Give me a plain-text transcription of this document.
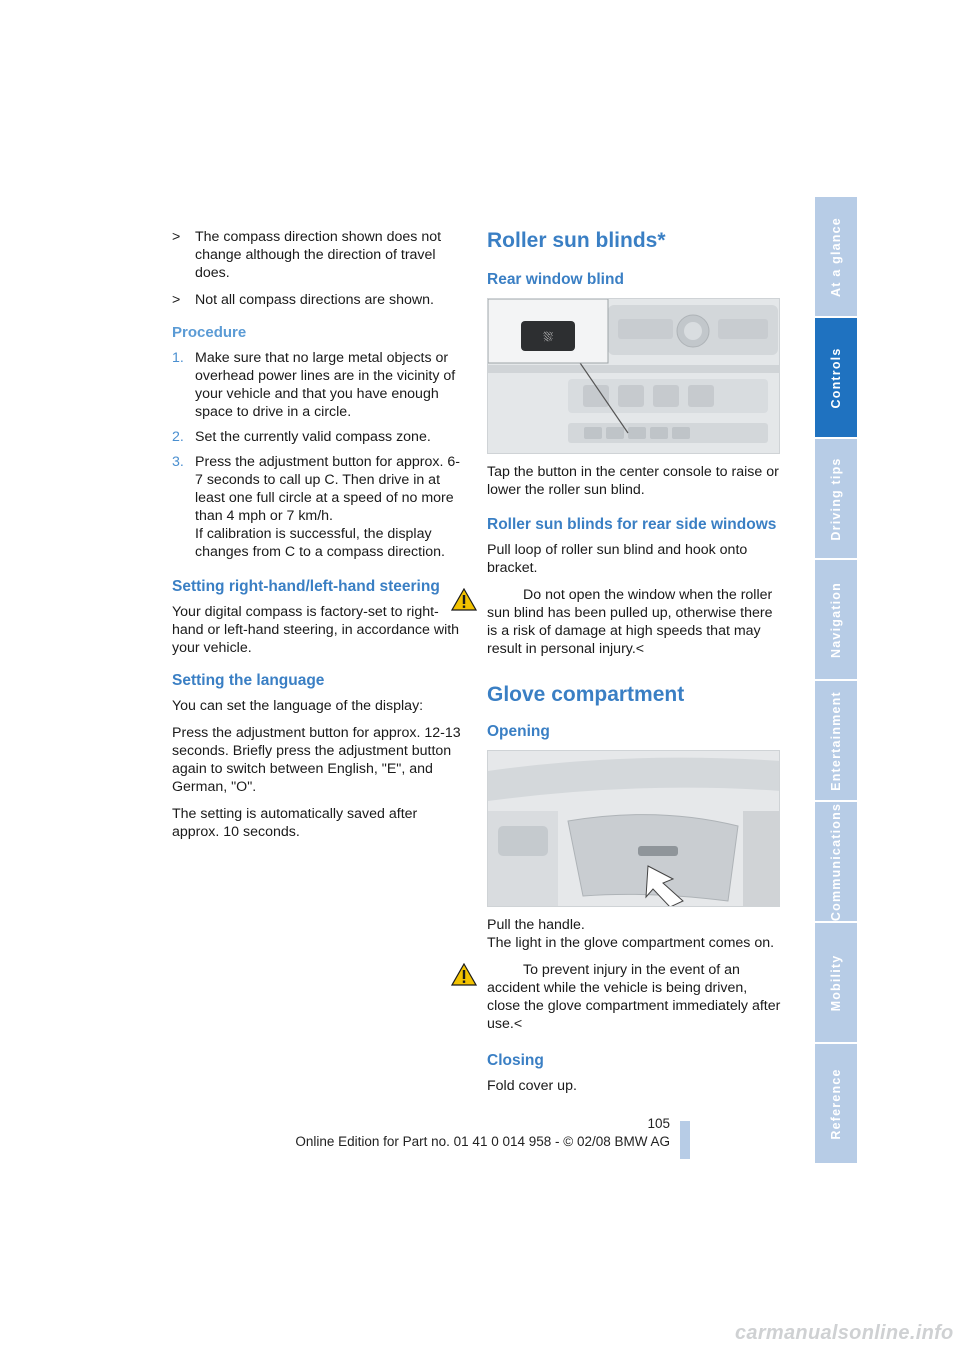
> The compass direction shown does not change although the direction of travel does.
> Not all compass directions are shown.
Procedure
1. Make sure that no large metal objects or overhead power lines are in the vicinity of your vehicle and that you have enough space to drive in a circle.
2. Set the currently valid compass zone.
3. Press the adjustment button for approx. 6-7 seconds to call up C. Then drive in at least one full circle at a speed of no more than 4 mph or 7 km/h.
If calibration is successful, the display changes from C to a compass direction.
Setting right-hand/left-hand steering

Your digital compass is factory-set to right-hand or left-hand steering, in accordance with your vehicle.

Setting the language

You can set the language of the display:

Press the adjustment button for approx. 12-13 seconds. Briefly press the adjustment button again to switch between English, "E", and German, "O".

The setting is automatically saved after approx. 10 seconds.

Roller sun blinds*
Rear window blind
⛆

Tap the button in the center console to raise or lower the roller sun blind.

Roller sun blinds for rear side windows

Pull loop of roller sun blind and hook onto bracket.

Do not open the window when the roller sun blind has been pulled up, otherwise there is a risk of damage at high speeds that may result in personal injury.<
Glove compartment
Opening

Pull the handle.

The light in the glove compartment comes on.

To prevent injury in the event of an accident while the vehicle is being driven, close the glove compartment immediately after use.<
Closing

Fold cover up.

At a glance
Controls
Driving tips
Navigation
Entertainment
Communications
Mobility
Reference
105
Online Edition for Part no. 01 41 0 014 958 - © 02/08 BMW AG
carmanualsonline.info
